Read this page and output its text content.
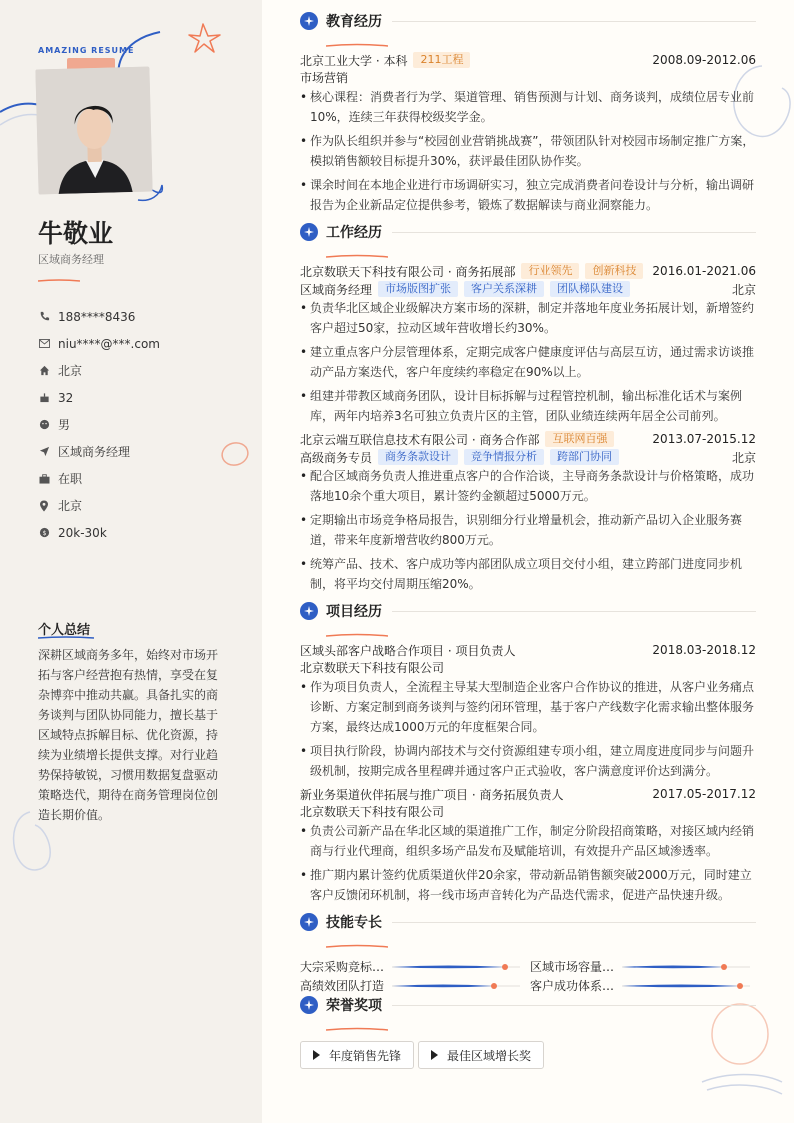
AMAZING RESUME
牛敬业
区域商务经理
188****8436
niu****@***.com
北京
32
男
区域商务经理
在职
北京
$ 20k-30k
个人总结

深耕区域商务多年，始终对市场开拓与客户经营抱有热情，享受在复杂博弈中推动共赢。具备扎实的商务谈判与团队协同能力，擅长基于区域特点拆解目标、优化资源，持续为业绩增长提供支撑。对行业趋势保持敏锐，习惯用数据复盘驱动策略迭代，期待在商务管理岗位创造长期价值。

教育经历
北京工业大学 · 本科	211工程	2008.09-2012.06
市场营销
• 核心课程：消费者行为学、渠道管理、销售预测与计划、商务谈判，成绩位居专业前10%，连续三年获得校级奖学金。
• 作为队长组织并参与“校园创业营销挑战赛”，带领团队针对校园市场制定推广方案，模拟销售额较目标提升30%，获评最佳团队协作奖。
• 课余时间在本地企业进行市场调研实习，独立完成消费者问卷设计与分析，输出调研报告为企业新品定位提供参考，锻炼了数据解读与商业洞察能力。
工作经历
北京数联天下科技有限公司 · 商务拓展部	行业领先	创新科技	2016.01-2021.06
区域商务经理	市场版图扩张	客户关系深耕	团队梯队建设	北京
• 负责华北区域企业级解决方案市场的深耕，制定并落地年度业务拓展计划，新增签约客户超过50家，拉动区域年营收增长约30%。
• 建立重点客户分层管理体系，定期完成客户健康度评估与高层互访，通过需求访谈推动产品方案迭代，客户年度续约率稳定在90%以上。
• 组建并带教区域商务团队，设计目标拆解与过程管控机制，输出标准化话术与案例库，两年内培养3名可独立负责片区的主管，团队业绩连续两年居全公司前列。
北京云端互联信息技术有限公司 · 商务合作部	互联网百强	2013.07-2015.12
高级商务专员	商务条款设计	竞争情报分析	跨部门协同	北京
• 配合区域商务负责人推进重点客户的合作洽谈，主导商务条款设计与价格策略，成功落地10余个重大项目，累计签约金额超过5000万元。
• 定期输出市场竞争格局报告，识别细分行业增量机会，推动新产品切入企业服务赛道，带来年度新增营收约800万元。
• 统筹产品、技术、客户成功等内部团队成立项目交付小组，建立跨部门进度同步机制，将平均交付周期压缩20%。
项目经历
区域头部客户战略合作项目 · 项目负责人	2018.03-2018.12
北京数联天下科技有限公司
• 作为项目负责人，全流程主导某大型制造企业客户合作协议的推进，从客户业务痛点诊断、方案定制到商务谈判与签约闭环管理，基于客户产线数字化需求输出整体服务方案，最终达成1000万元的年度框架合同。
• 项目执行阶段，协调内部技术与交付资源组建专项小组，建立周度进度同步与问题升级机制，按期完成各里程碑并通过客户正式验收，客户满意度评价达到满分。
新业务渠道伙伴拓展与推广项目 · 商务拓展负责人	2017.05-2017.12
北京数联天下科技有限公司
• 负责公司新产品在华北区域的渠道推广工作，制定分阶段招商策略，对接区域内经销商与行业代理商，组织多场产品发布及赋能培训，有效提升产品区域渗透率。
• 推广期内累计签约优质渠道伙伴20余家，带动新品销售额突破2000万元，同时建立客户反馈闭环机制，将一线市场声音转化为产品迭代需求，促进产品快速升级。
技能专长
大宗采购竞标…	区域市场容量…
高绩效团队打造	客户成功体系…
荣誉奖项
年度销售先锋	最佳区域增长奖
